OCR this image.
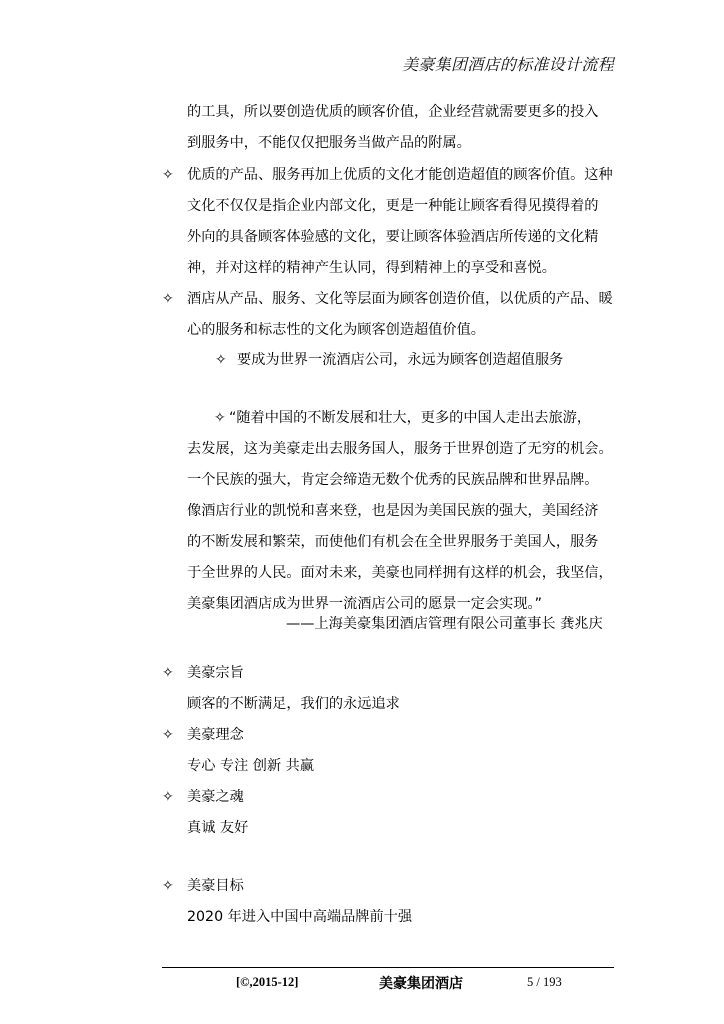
美豪集团酒店的标准设计流程
的工具，所以要创造优质的顾客价值，企业经营就需要更多的投入
到服务中，不能仅仅把服务当做产品的附属。
✧ 优质的产品、服务再加上优质的文化才能创造超值的顾客价值。这种
文化不仅仅是指企业内部文化，更是一种能让顾客看得见摸得着的
外向的具备顾客体验感的文化，要让顾客体验酒店所传递的文化精
神，并对这样的精神产生认同，得到精神上的享受和喜悦。
✧ 酒店从产品、服务、文化等层面为顾客创造价值，以优质的产品、暖
心的服务和标志性的文化为顾客创造超值价值。
✧ 要成为世界一流酒店公司，永远为顾客创造超值服务
✧ “随着中国的不断发展和壮大，更多的中国人走出去旅游，
去发展，这为美豪走出去服务国人，服务于世界创造了无穷的机会。
一个民族的强大，肯定会缔造无数个优秀的民族品牌和世界品牌。
像酒店行业的凯悦和喜来登，也是因为美国民族的强大，美国经济
的不断发展和繁荣，而使他们有机会在全世界服务于美国人，服务
于全世界的人民。面对未来，美豪也同样拥有这样的机会，我坚信，
美豪集团酒店成为世界一流酒店公司的愿景一定会实现。”
——上海美豪集团酒店管理有限公司董事长 龚兆庆
✧ 美豪宗旨
顾客的不断满足，我们的永远追求
✧ 美豪理念
专心 专注 创新 共赢
✧ 美豪之魂
真诚 友好
✧ 美豪目标
2020 年进入中国中高端品牌前十强
[©,2015-12]	美豪集团酒店	5 / 193
